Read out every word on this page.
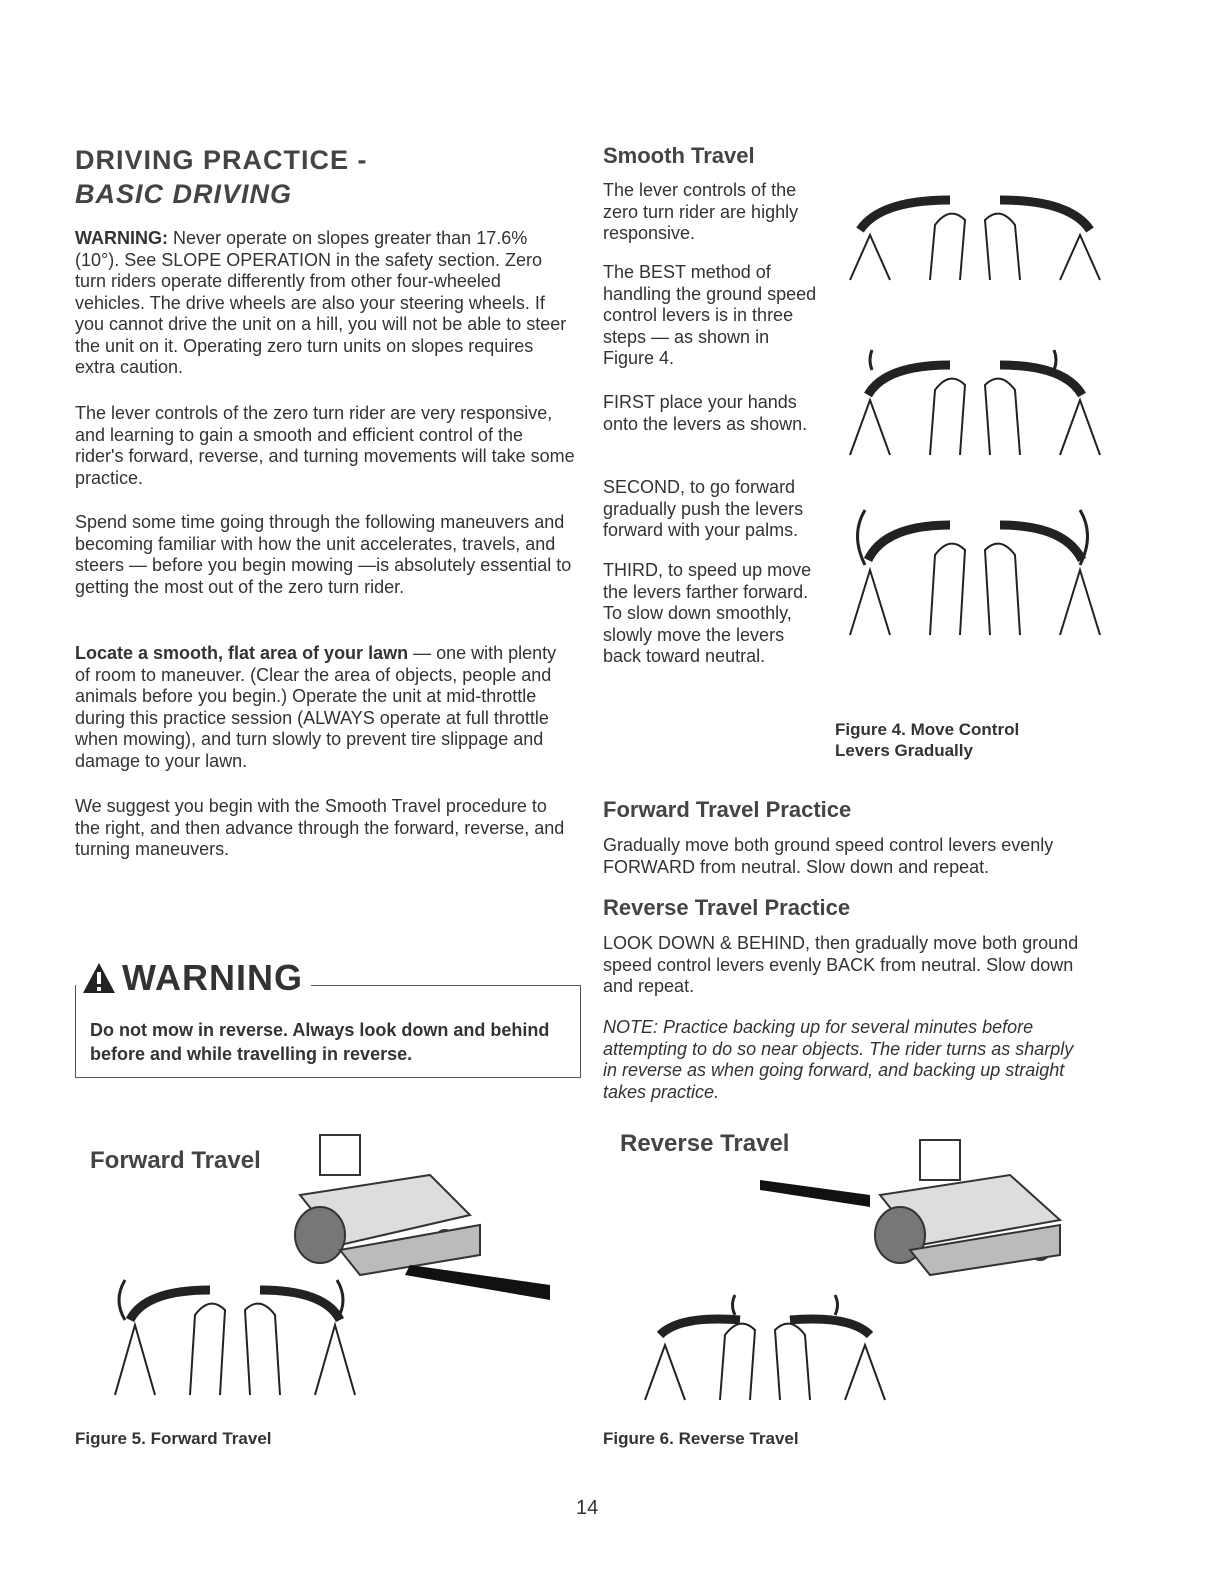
DRIVING PRACTICE -
BASIC DRIVING

WARNING: Never operate on slopes greater than 17.6% (10°). See SLOPE OPERATION in the safety section. Zero turn riders operate differently from other four-wheeled vehicles. The drive wheels are also your steering wheels. If you cannot drive the unit on a hill, you will not be able to steer the unit on it. Operating zero turn units on slopes requires extra caution.

The lever controls of the zero turn rider are very responsive, and learning to gain a smooth and efficient control of the rider's forward, reverse, and turning movements will take some practice.

Spend some time going through the following maneuvers and becoming familiar with how the unit accelerates, travels, and steers — before you begin mowing —is absolutely essential to getting the most out of the zero turn rider.

Locate a smooth, flat area of your lawn — one with plenty of room to maneuver. (Clear the area of objects, people and animals before you begin.) Operate the unit at mid-throttle during this practice session (ALWAYS operate at full throttle when mowing), and turn slowly to prevent tire slippage and damage to your lawn.

We suggest you begin with the Smooth Travel procedure to the right, and then advance through the forward, reverse, and turning maneuvers.

WARNING

Do not mow in reverse. Always look down and behind before and while travelling in reverse.

Smooth Travel

The lever controls of the zero turn rider are highly responsive.

The BEST method of handling the ground speed control levers is in three steps — as shown in Figure 4.

FIRST place your hands onto the levers as shown.

SECOND, to go forward gradually push the levers forward with your palms.

THIRD, to speed up move the levers farther forward. To slow down smoothly, slowly move the levers back toward neutral.

Figure 4. Move Control Levers Gradually

Forward Travel Practice

Gradually move both ground speed control levers evenly FORWARD from neutral. Slow down and repeat.

Reverse Travel Practice

LOOK DOWN & BEHIND, then gradually move both ground speed control levers evenly BACK from neutral. Slow down and repeat.

NOTE: Practice backing up for several minutes before attempting to do so near objects. The rider turns as sharply in reverse as when going forward, and backing up straight takes practice.

Forward Travel
Figure 5. Forward Travel
Reverse Travel
Figure 6. Reverse Travel
14
